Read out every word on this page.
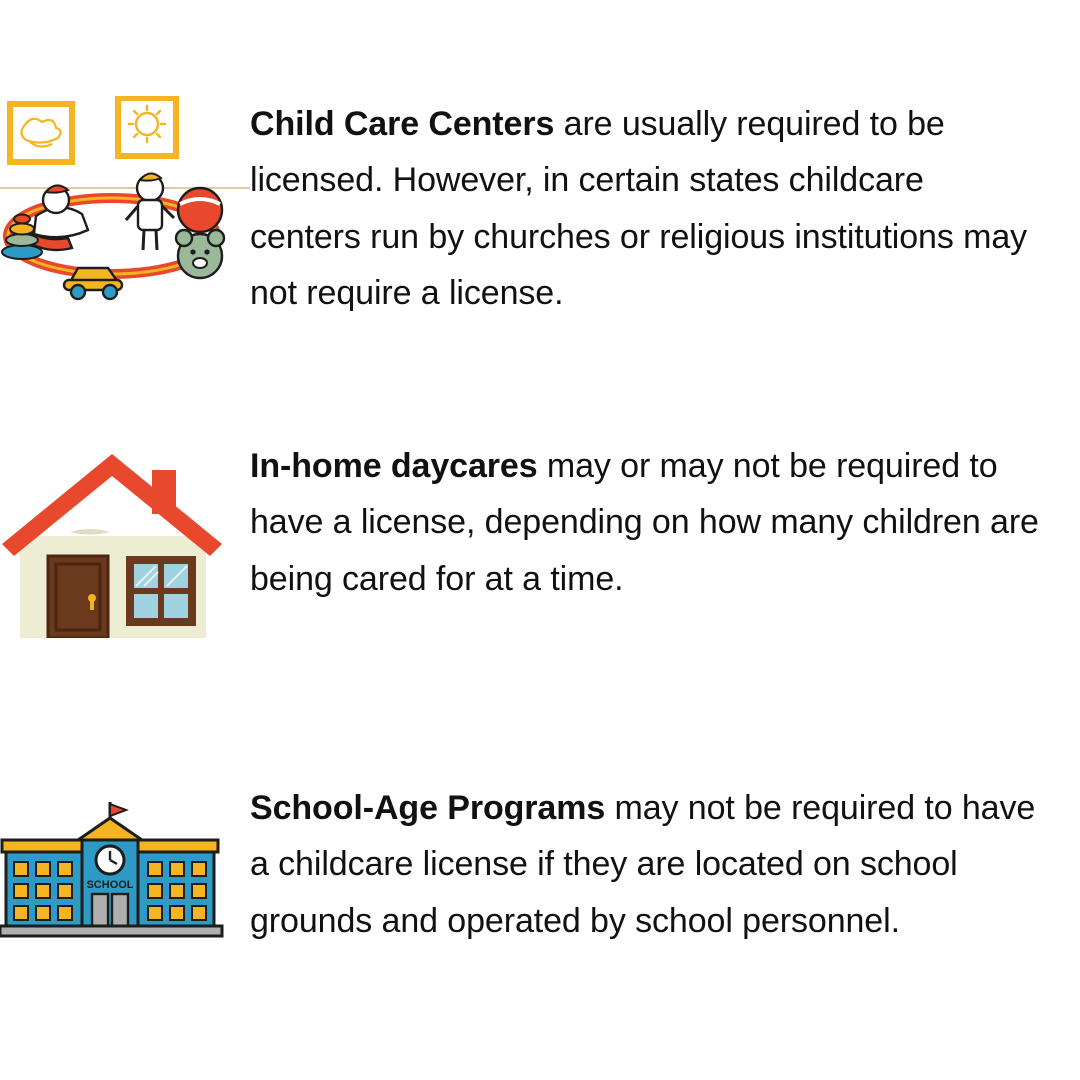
Child Care Centers are usually required to be licensed. However, in certain states childcare centers run by churches or religious institutions may not require a license.
In-home daycares may or may not be required to have a license, depending on how many children are being cared for at a time.
SCHOOL
School-Age Programs may not be required to have a childcare license if they are located on school grounds and operated by school personnel.
